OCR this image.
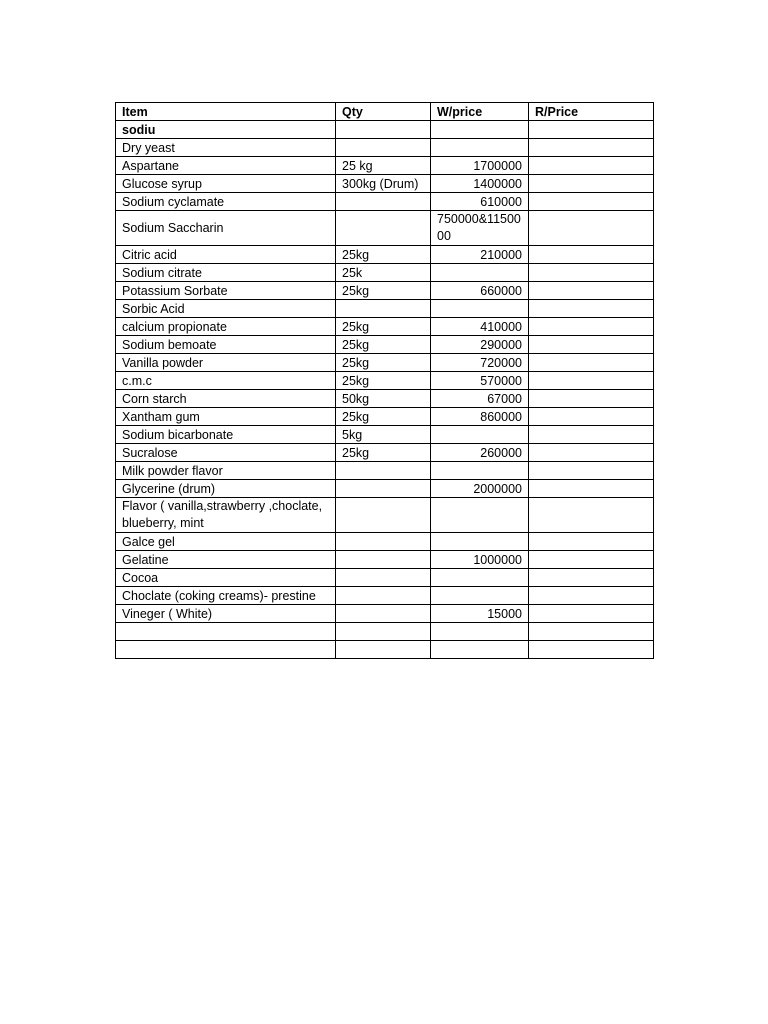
Item	Qty	W/price	R/Price
sodiu			
Dry yeast			
Aspartane	25 kg	1700000	
Glucose syrup	300kg (Drum)	1400000	
Sodium cyclamate		610000	
Sodium Saccharin		750000&1150000	
Citric acid	25kg	210000	
Sodium citrate	25k		
Potassium Sorbate	25kg	660000	
Sorbic Acid			
calcium propionate	25kg	410000	
Sodium bemoate	25kg	290000	
Vanilla powder	25kg	720000	
c.m.c	25kg	570000	
Corn starch	50kg	67000	
Xantham gum	25kg	860000	
Sodium bicarbonate	5kg		
Sucralose	25kg	260000	
Milk powder flavor			
Glycerine (drum)		2000000	
Flavor ( vanilla,strawberry ,choclate, blueberry, mint			
Galce gel			
Gelatine		1000000	
Cocoa			
Choclate (coking creams)- prestine			
Vineger ( White)		15000	
